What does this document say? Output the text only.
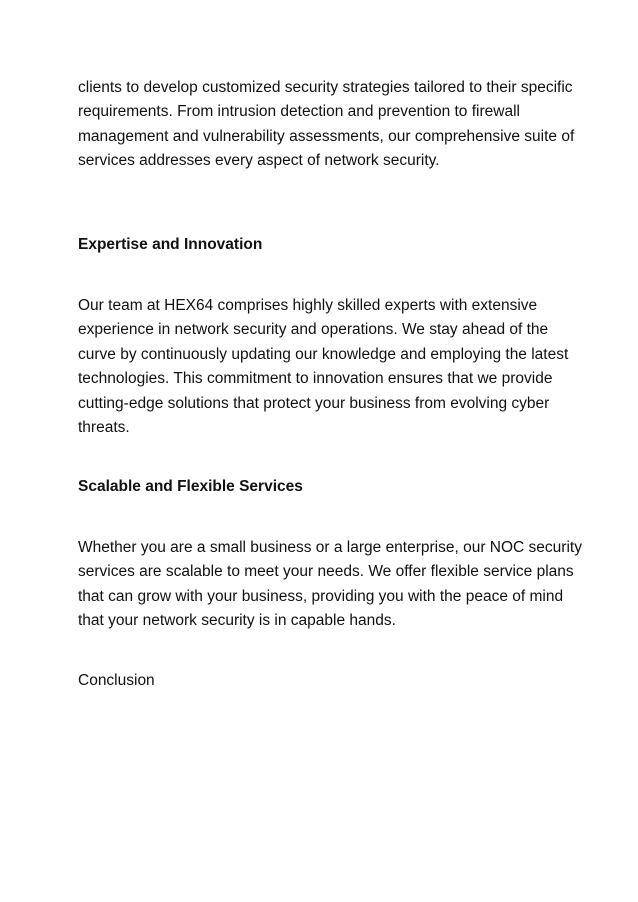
clients to develop customized security strategies tailored to their specific requirements. From intrusion detection and prevention to firewall management and vulnerability assessments, our comprehensive suite of services addresses every aspect of network security.

Expertise and Innovation

Our team at HEX64 comprises highly skilled experts with extensive experience in network security and operations. We stay ahead of the curve by continuously updating our knowledge and employing the latest technologies. This commitment to innovation ensures that we provide cutting-edge solutions that protect your business from evolving cyber threats.

Scalable and Flexible Services

Whether you are a small business or a large enterprise, our NOC security services are scalable to meet your needs. We offer flexible service plans that can grow with your business, providing you with the peace of mind that your network security is in capable hands.

Conclusion
